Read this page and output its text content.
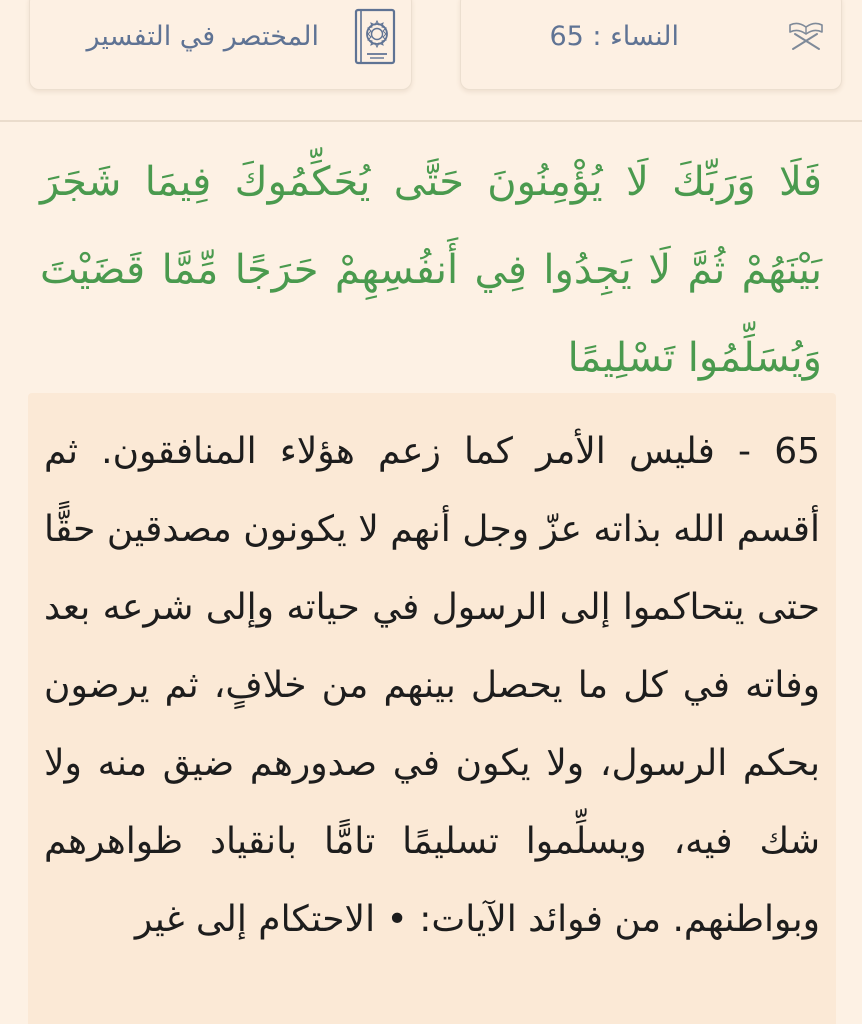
المختصر في التفسير	النساء : 65
فَلَا وَرَبِّكَ لَا يُؤْمِنُونَ حَتَّى يُحَكِّمُوكَ فِيمَا شَجَرَ بَيْنَهُمْ ثُمَّ لَا يَجِدُوا فِي أَنفُسِهِمْ حَرَجًا مِّمَّا قَضَيْتَ وَيُسَلِّمُوا تَسْلِيمًا
65 - فليس الأمر كما زعم هؤلاء المنافقون. ثم أقسم الله بذاته عزّ وجل أنهم لا يكونون مصدقين حقًّا حتى يتحاكموا إلى الرسول في حياته وإلى شرعه بعد وفاته في كل ما يحصل بينهم من خلافٍ، ثم يرضون بحكم الرسول، ولا يكون في صدورهم ضيق منه ولا شك فيه، ويسلِّموا تسليمًا تامًّا بانقياد ظواهرهم وبواطنهم. من فوائد الآيات: • الاحتكام إلى غير
